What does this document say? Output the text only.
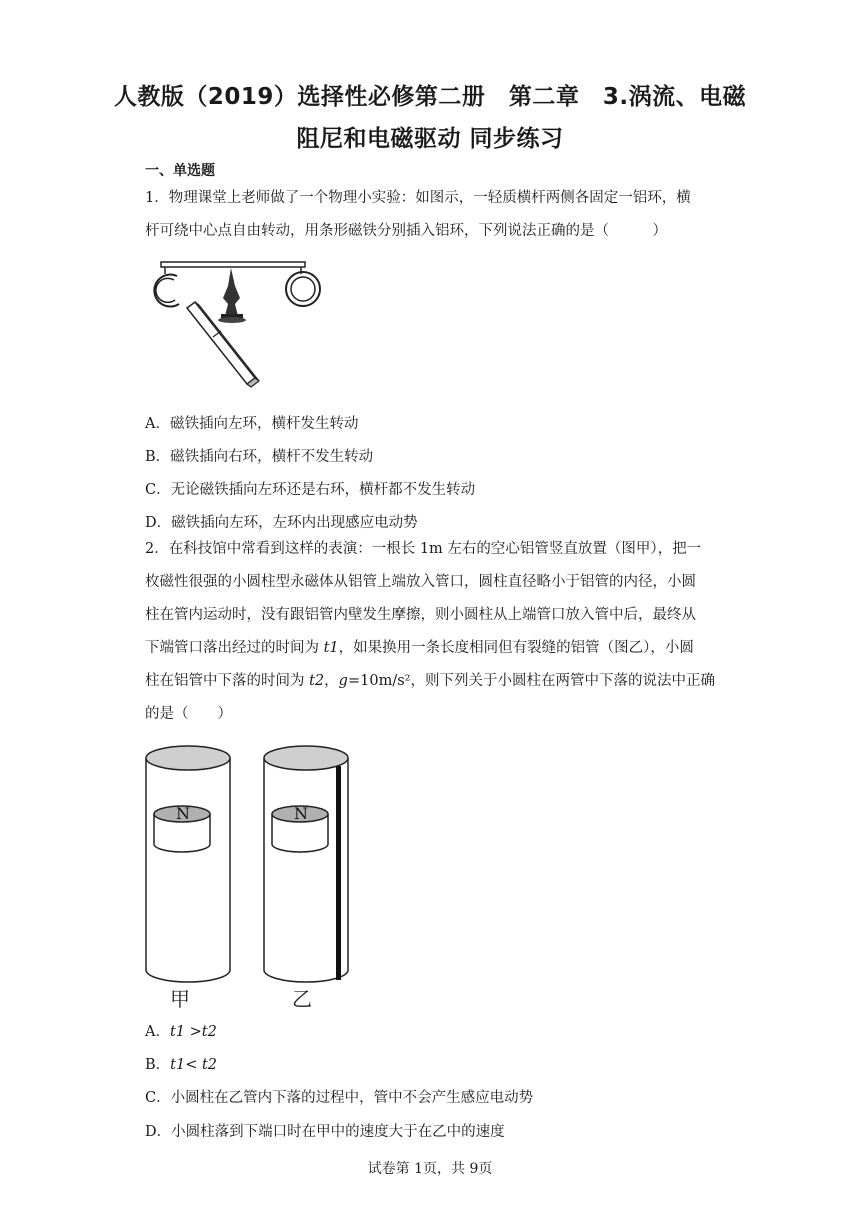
人教版（2019）选择性必修第二册　第二章　3.涡流、电磁
阻尼和电磁驱动 同步练习
一、单选题
1．物理课堂上老师做了一个物理小实验：如图示，一轻质横杆两侧各固定一铝环，横
杆可绕中心点自由转动，用条形磁铁分别插入铝环，下列说法正确的是（　　　）
A．磁铁插向左环，横杆发生转动
B．磁铁插向右环，横杆不发生转动
C．无论磁铁插向左环还是右环，横杆都不发生转动
D．磁铁插向左环，左环内出现感应电动势
2．在科技馆中常看到这样的表演：一根长 1m 左右的空心铝管竖直放置（图甲），把一
枚磁性很强的小圆柱型永磁体从铝管上端放入管口，圆柱直径略小于铝管的内径，小圆
柱在管内运动时，没有跟铝管内壁发生摩擦，则小圆柱从上端管口放入管中后，最终从
下端管口落出经过的时间为 t1，如果换用一条长度相同但有裂缝的铝管（图乙），小圆
柱在铝管中下落的时间为 t2，g=10m/s²，则下列关于小圆柱在两管中下落的说法中正确
的是（　　）
N	N
甲	乙
A．t1 >t2
B．t1< t2
C．小圆柱在乙管内下落的过程中，管中不会产生感应电动势
D．小圆柱落到下端口时在甲中的速度大于在乙中的速度
试卷第 1页，共 9页
